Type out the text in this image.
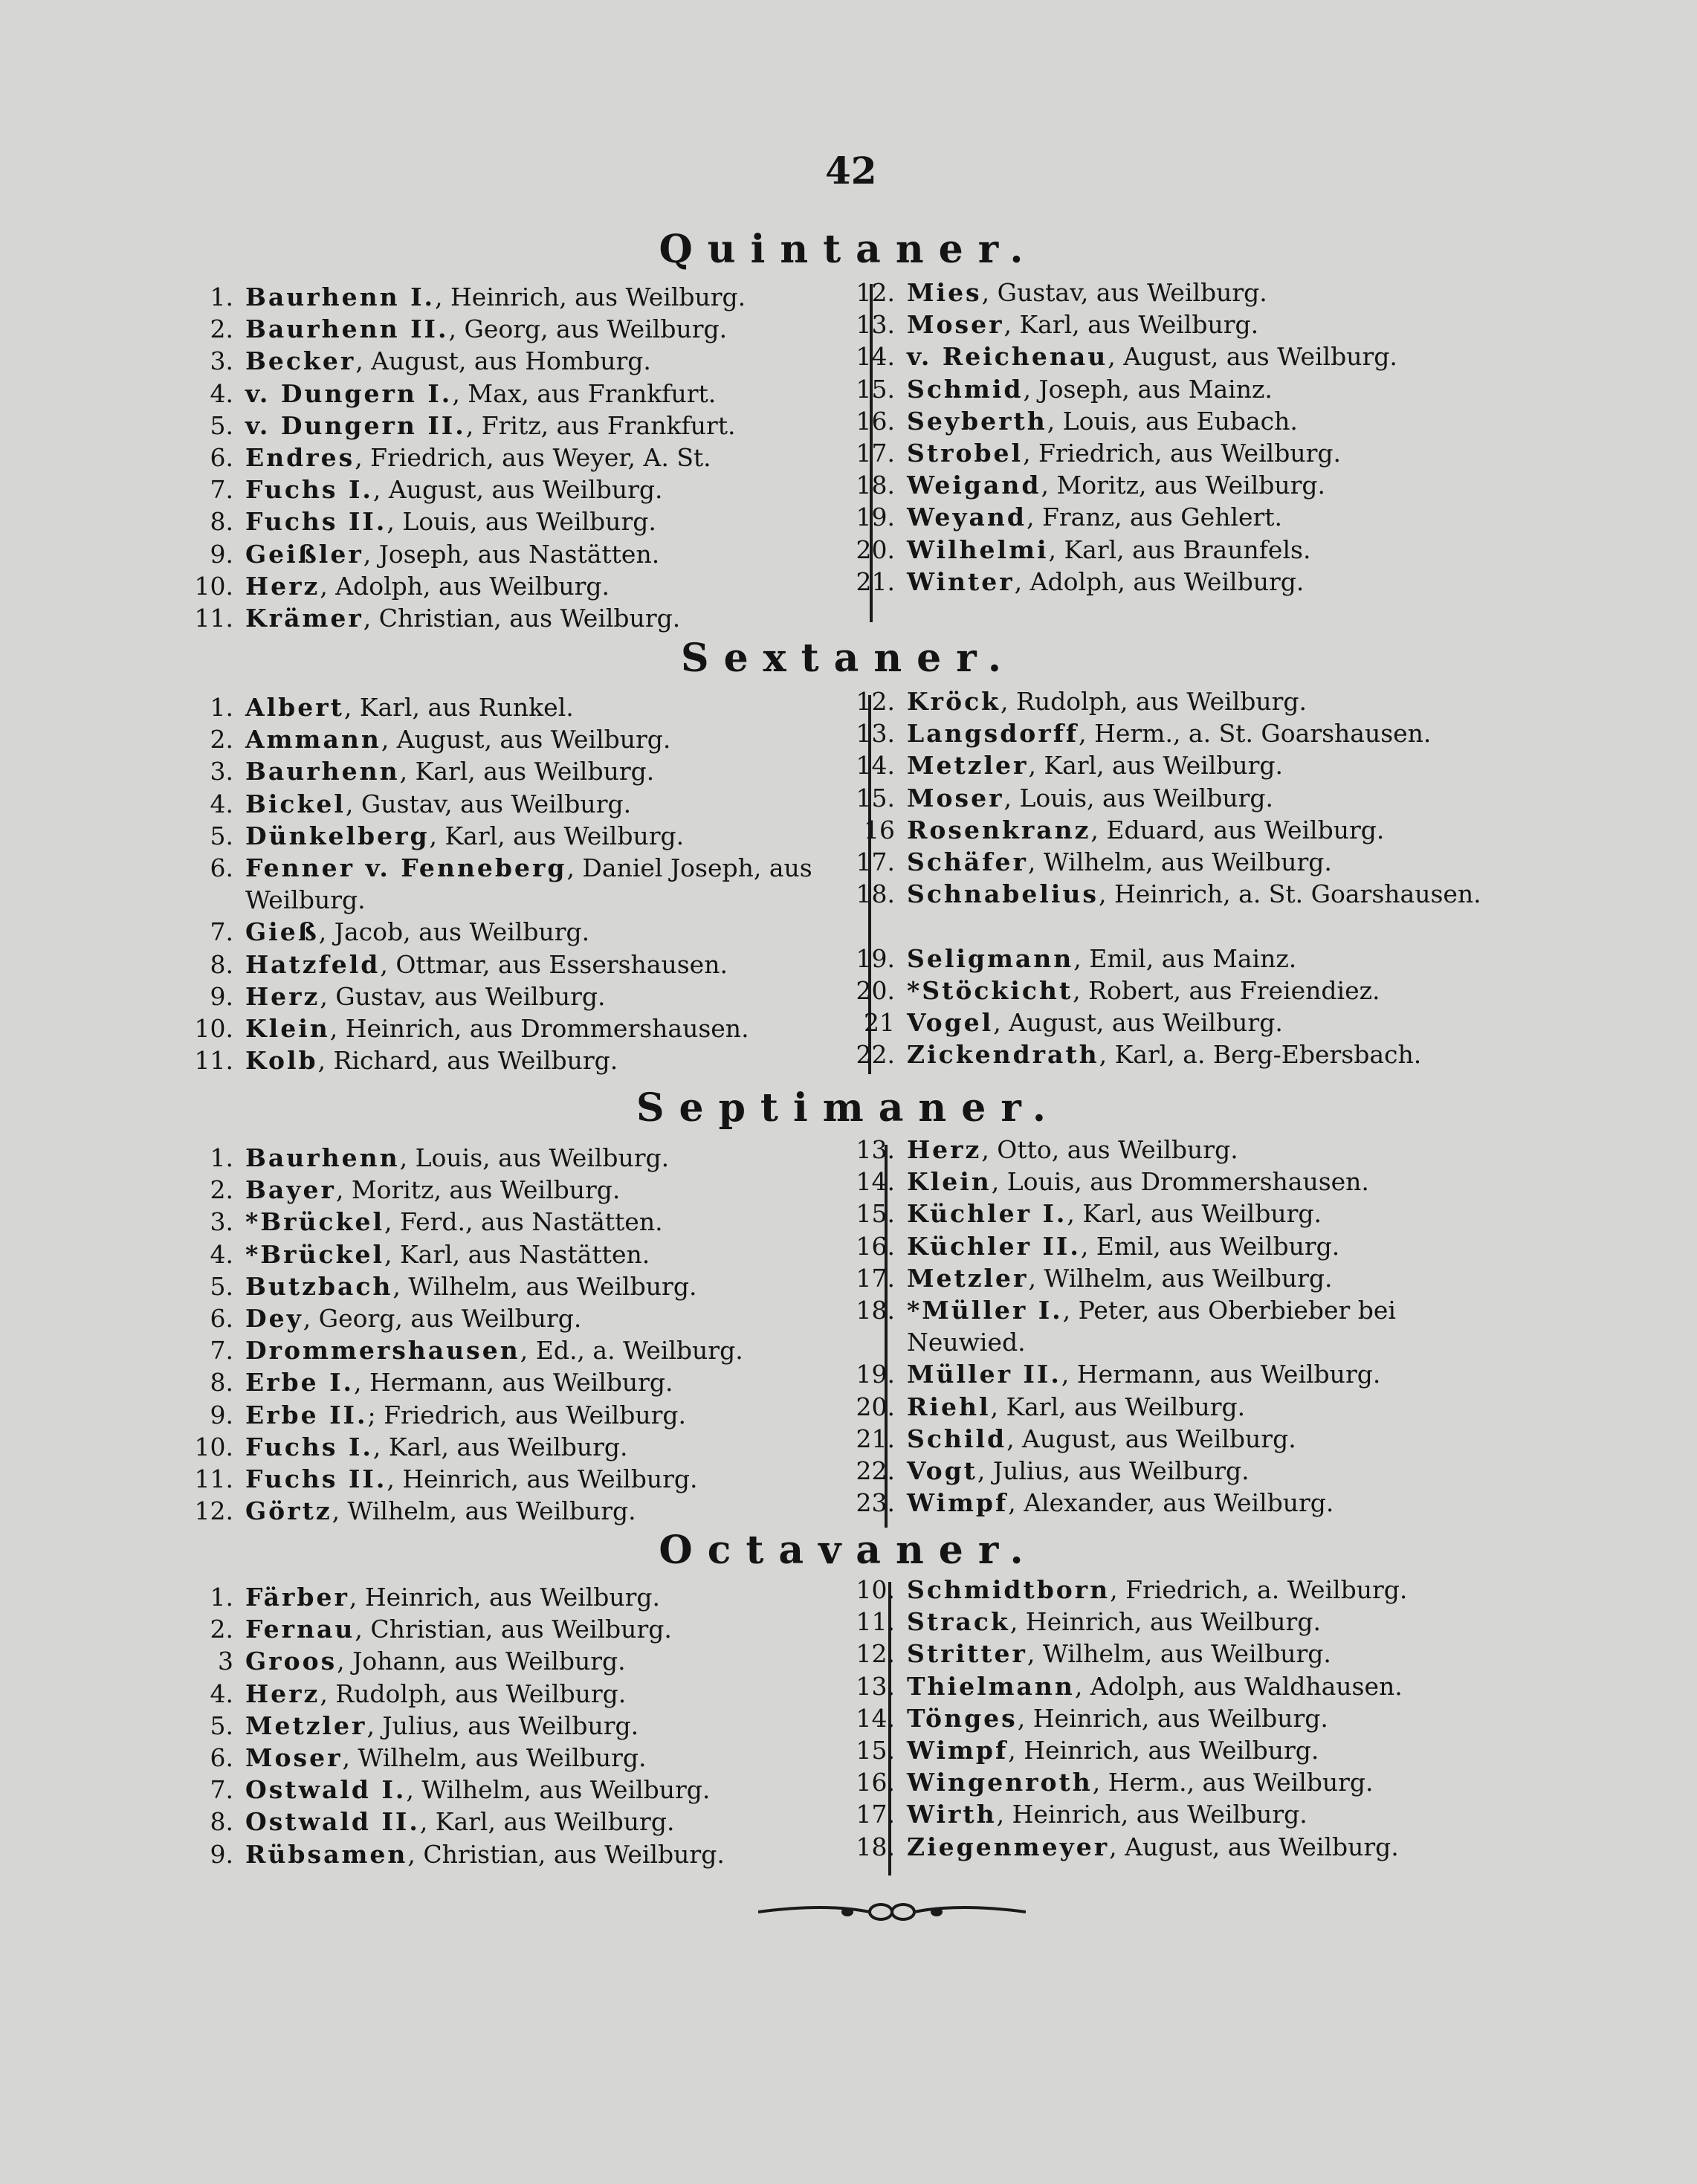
42
Quintaner.
1. Baurhenn I., Heinrich, aus Weilburg.
2. Baurhenn II., Georg, aus Weilburg.
3. Becker, August, aus Homburg.
4. v. Dungern I., Max, aus Frankfurt.
5. v. Dungern II., Fritz, aus Frankfurt.
6. Endres, Friedrich, aus Weyer, A. St.
7. Fuchs I., August, aus Weilburg.
8. Fuchs II., Louis, aus Weilburg.
9. Geißler, Joseph, aus Nastätten.
10. Herz, Adolph, aus Weilburg.
11. Krämer, Christian, aus Weilburg.
12. Mies, Gustav, aus Weilburg.
13. Moser, Karl, aus Weilburg.
14. v. Reichenau, August, aus Weilburg.
15. Schmid, Joseph, aus Mainz.
16. Seyberth, Louis, aus Eubach.
17. Strobel, Friedrich, aus Weilburg.
18. Weigand, Moritz, aus Weilburg.
19. Weyand, Franz, aus Gehlert.
20. Wilhelmi, Karl, aus Braunfels.
21. Winter, Adolph, aus Weilburg.
Sextaner.
1. Albert, Karl, aus Runkel.
2. Ammann, August, aus Weilburg.
3. Baurhenn, Karl, aus Weilburg.
4. Bickel, Gustav, aus Weilburg.
5. Dünkelberg, Karl, aus Weilburg.
6. Fenner v. Fenneberg, Daniel Joseph, aus Weilburg.
7. Gieß, Jacob, aus Weilburg.
8. Hatzfeld, Ottmar, aus Essershausen.
9. Herz, Gustav, aus Weilburg.
10. Klein, Heinrich, aus Drommershausen.
11. Kolb, Richard, aus Weilburg.
12. Kröck, Rudolph, aus Weilburg.
13. Langsdorff, Herm., a. St. Goarshausen.
14. Metzler, Karl, aus Weilburg.
15. Moser, Louis, aus Weilburg.
16 Rosenkranz, Eduard, aus Weilburg.
17. Schäfer, Wilhelm, aus Weilburg.
18. Schnabelius, Heinrich, a. St. Goarshausen.
19. Seligmann, Emil, aus Mainz.
20. *Stöckicht, Robert, aus Freiendiez.
21 Vogel, August, aus Weilburg.
22. Zickendrath, Karl, a. Berg-Ebersbach.
Septimaner.
1. Baurhenn, Louis, aus Weilburg.
2. Bayer, Moritz, aus Weilburg.
3. *Brückel, Ferd., aus Nastätten.
4. *Brückel, Karl, aus Nastätten.
5. Butzbach, Wilhelm, aus Weilburg.
6. Dey, Georg, aus Weilburg.
7. Drommershausen, Ed., a. Weilburg.
8. Erbe I., Hermann, aus Weilburg.
9. Erbe II.; Friedrich, aus Weilburg.
10. Fuchs I., Karl, aus Weilburg.
11. Fuchs II., Heinrich, aus Weilburg.
12. Görtz, Wilhelm, aus Weilburg.
13. Herz, Otto, aus Weilburg.
14. Klein, Louis, aus Drommershausen.
15. Küchler I., Karl, aus Weilburg.
16. Küchler II., Emil, aus Weilburg.
17. Metzler, Wilhelm, aus Weilburg.
18. *Müller I., Peter, aus Oberbieber bei Neuwied.
19. Müller II., Hermann, aus Weilburg.
20. Riehl, Karl, aus Weilburg.
21. Schild, August, aus Weilburg.
22. Vogt, Julius, aus Weilburg.
23. Wimpf, Alexander, aus Weilburg.
Octavaner.
1. Färber, Heinrich, aus Weilburg.
2. Fernau, Christian, aus Weilburg.
3 Groos, Johann, aus Weilburg.
4. Herz, Rudolph, aus Weilburg.
5. Metzler, Julius, aus Weilburg.
6. Moser, Wilhelm, aus Weilburg.
7. Ostwald I., Wilhelm, aus Weilburg.
8. Ostwald II., Karl, aus Weilburg.
9. Rübsamen, Christian, aus Weilburg.
10. Schmidtborn, Friedrich, a. Weilburg.
11. Strack, Heinrich, aus Weilburg.
12. Stritter, Wilhelm, aus Weilburg.
13. Thielmann, Adolph, aus Waldhausen.
14. Tönges, Heinrich, aus Weilburg.
15. Wimpf, Heinrich, aus Weilburg.
16. Wingenroth, Herm., aus Weilburg.
17. Wirth, Heinrich, aus Weilburg.
18. Ziegenmeyer, August, aus Weilburg.
